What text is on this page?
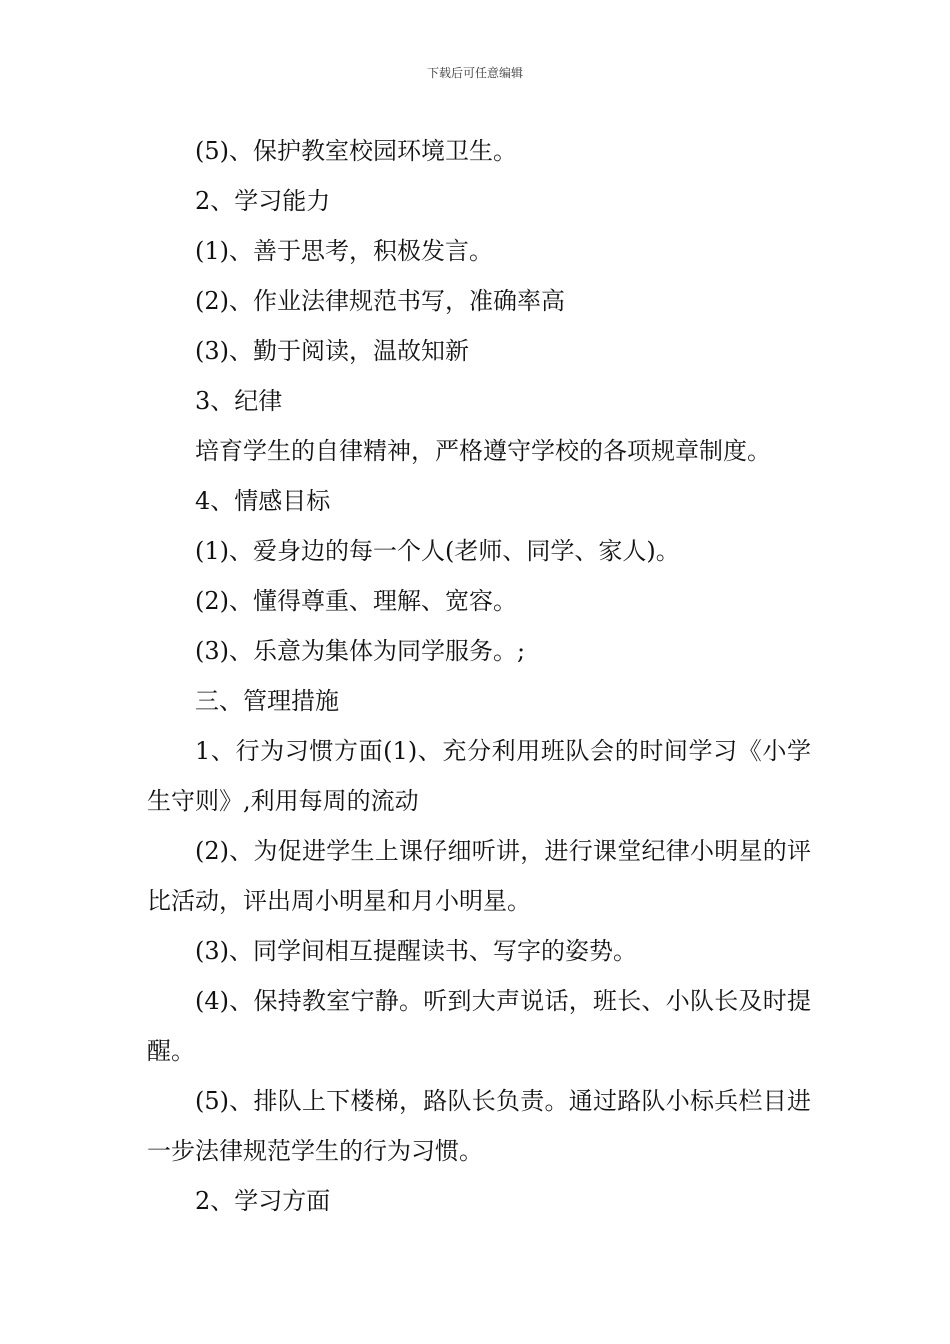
下载后可任意编辑

(5)、保护教室校园环境卫生。

2、学习能力

(1)、善于思考，积极发言。

(2)、作业法律规范书写，准确率高

(3)、勤于阅读，温故知新

3、纪律

培育学生的自律精神，严格遵守学校的各项规章制度。

4、情感目标

(1)、爱身边的每一个人(老师、同学、家人)。

(2)、懂得尊重、理解、宽容。

(3)、乐意为集体为同学服务。;

三、管理措施

1、行为习惯方面(1)、充分利用班队会的时间学习《小学生守则》,利用每周的流动

(2)、为促进学生上课仔细听讲，进行课堂纪律小明星的评比活动，评出周小明星和月小明星。

(3)、同学间相互提醒读书、写字的姿势。

(4)、保持教室宁静。听到大声说话，班长、小队长及时提醒。

(5)、排队上下楼梯，路队长负责。通过路队小标兵栏目进一步法律规范学生的行为习惯。

2、学习方面
